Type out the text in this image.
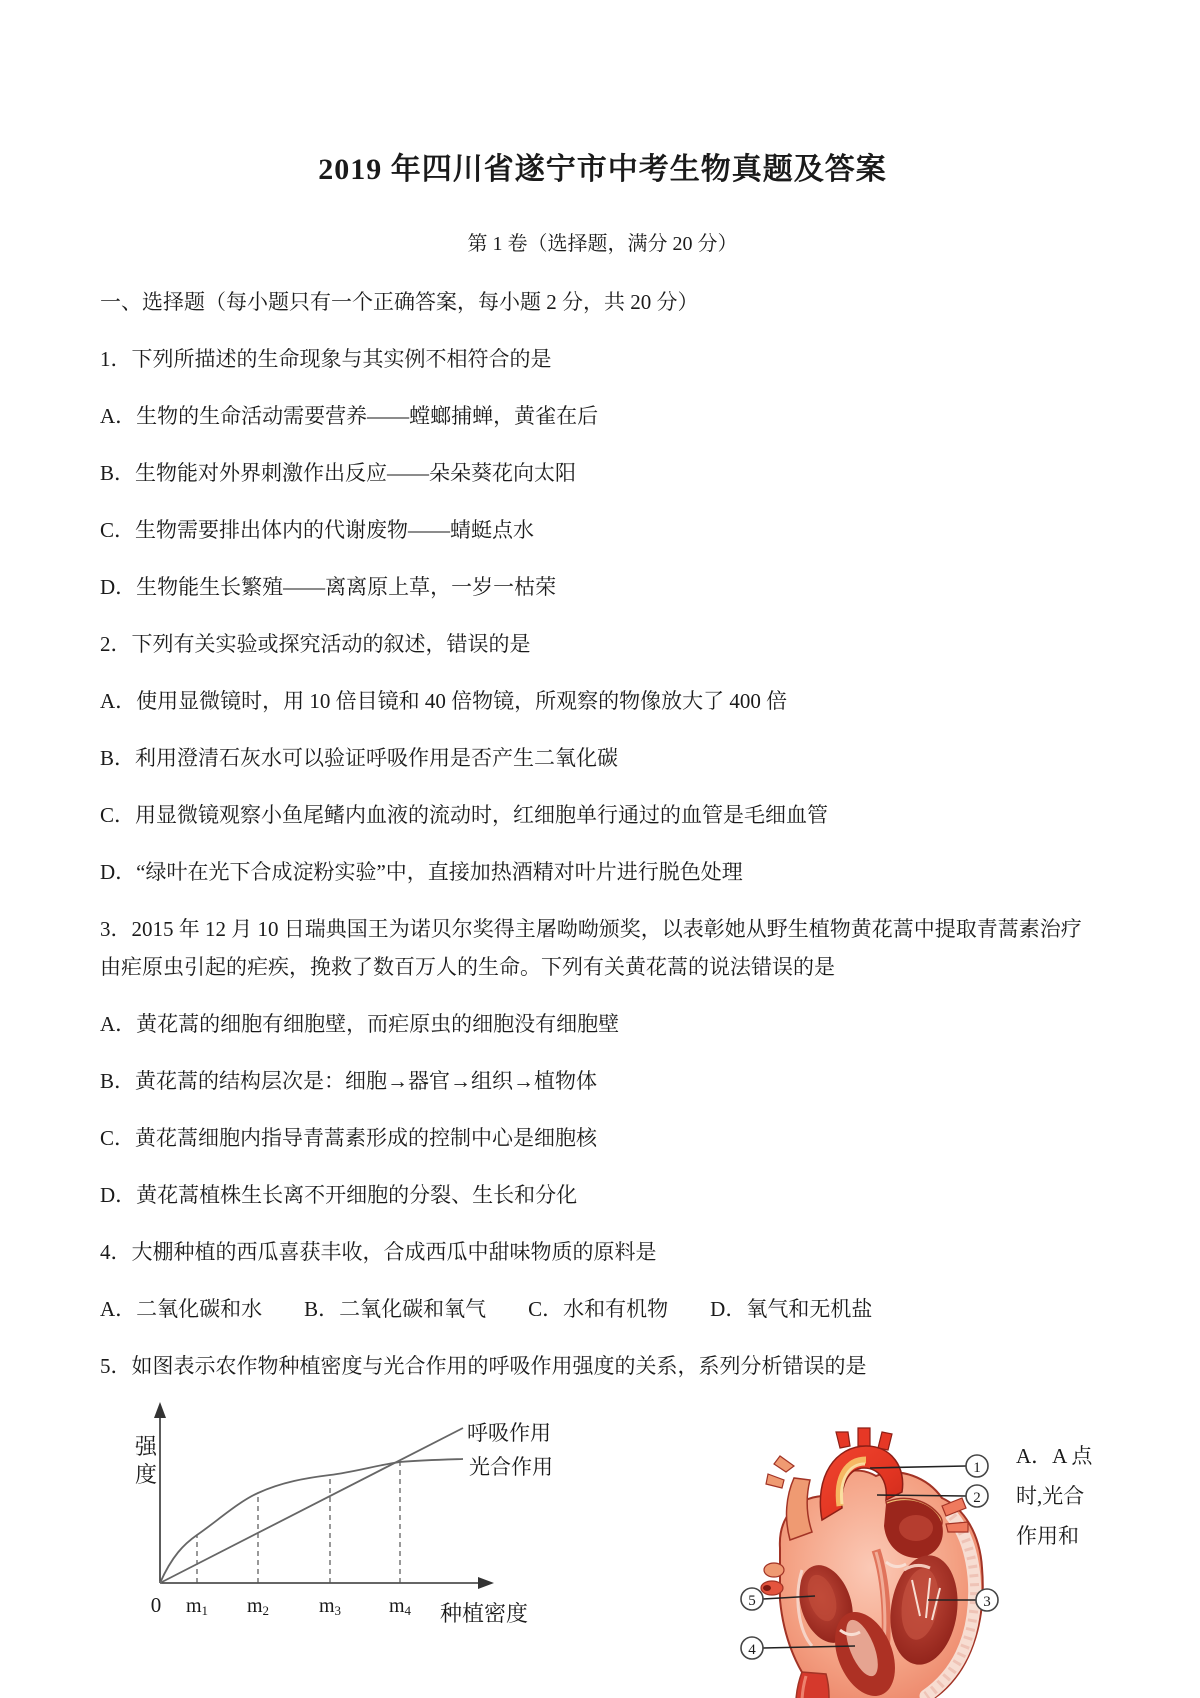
2019 年四川省遂宁市中考生物真题及答案
第 1 卷（选择题，满分 20 分）

一、选择题（每小题只有一个正确答案，每小题 2 分，共 20 分）

1．下列所描述的生命现象与其实例不相符合的是

A．生物的生命活动需要营养——螳螂捕蝉，黄雀在后

B．生物能对外界刺激作出反应——朵朵葵花向太阳

C．生物需要排出体内的代谢废物——蜻蜓点水

D．生物能生长繁殖——离离原上草，一岁一枯荣

2．下列有关实验或探究活动的叙述，错误的是

A．使用显微镜时，用 10 倍目镜和 40 倍物镜，所观察的物像放大了 400 倍

B．利用澄清石灰水可以验证呼吸作用是否产生二氧化碳

C．用显微镜观察小鱼尾鳍内血液的流动时，红细胞单行通过的血管是毛细血管

D．“绿叶在光下合成淀粉实验”中，直接加热酒精对叶片进行脱色处理

3．2015 年 12 月 10 日瑞典国王为诺贝尔奖得主屠呦呦颁奖，以表彰她从野生植物黄花蒿中提取青蒿素治疗

由疟原虫引起的疟疾，挽救了数百万人的生命。下列有关黄花蒿的说法错误的是

A．黄花蒿的细胞有细胞壁，而疟原虫的细胞没有细胞壁

B．黄花蒿的结构层次是：细胞→器官→组织→植物体

C．黄花蒿细胞内指导青蒿素形成的控制中心是细胞核

D．黄花蒿植株生长离不开细胞的分裂、生长和分化

4．大棚种植的西瓜喜获丰收，合成西瓜中甜味物质的原料是

A．二氧化碳和水　　B．二氧化碳和氧气　　C．水和有机物　　D．氧气和无机盐

5．如图表示农作物种植密度与光合作用的呼吸作用强度的关系，系列分析错误的是

强
度
0 m1 m2 m3 m4 种植密度
呼吸作用
光合作用	1
2
3
4
5
A．A 点
时,光合
作用和
